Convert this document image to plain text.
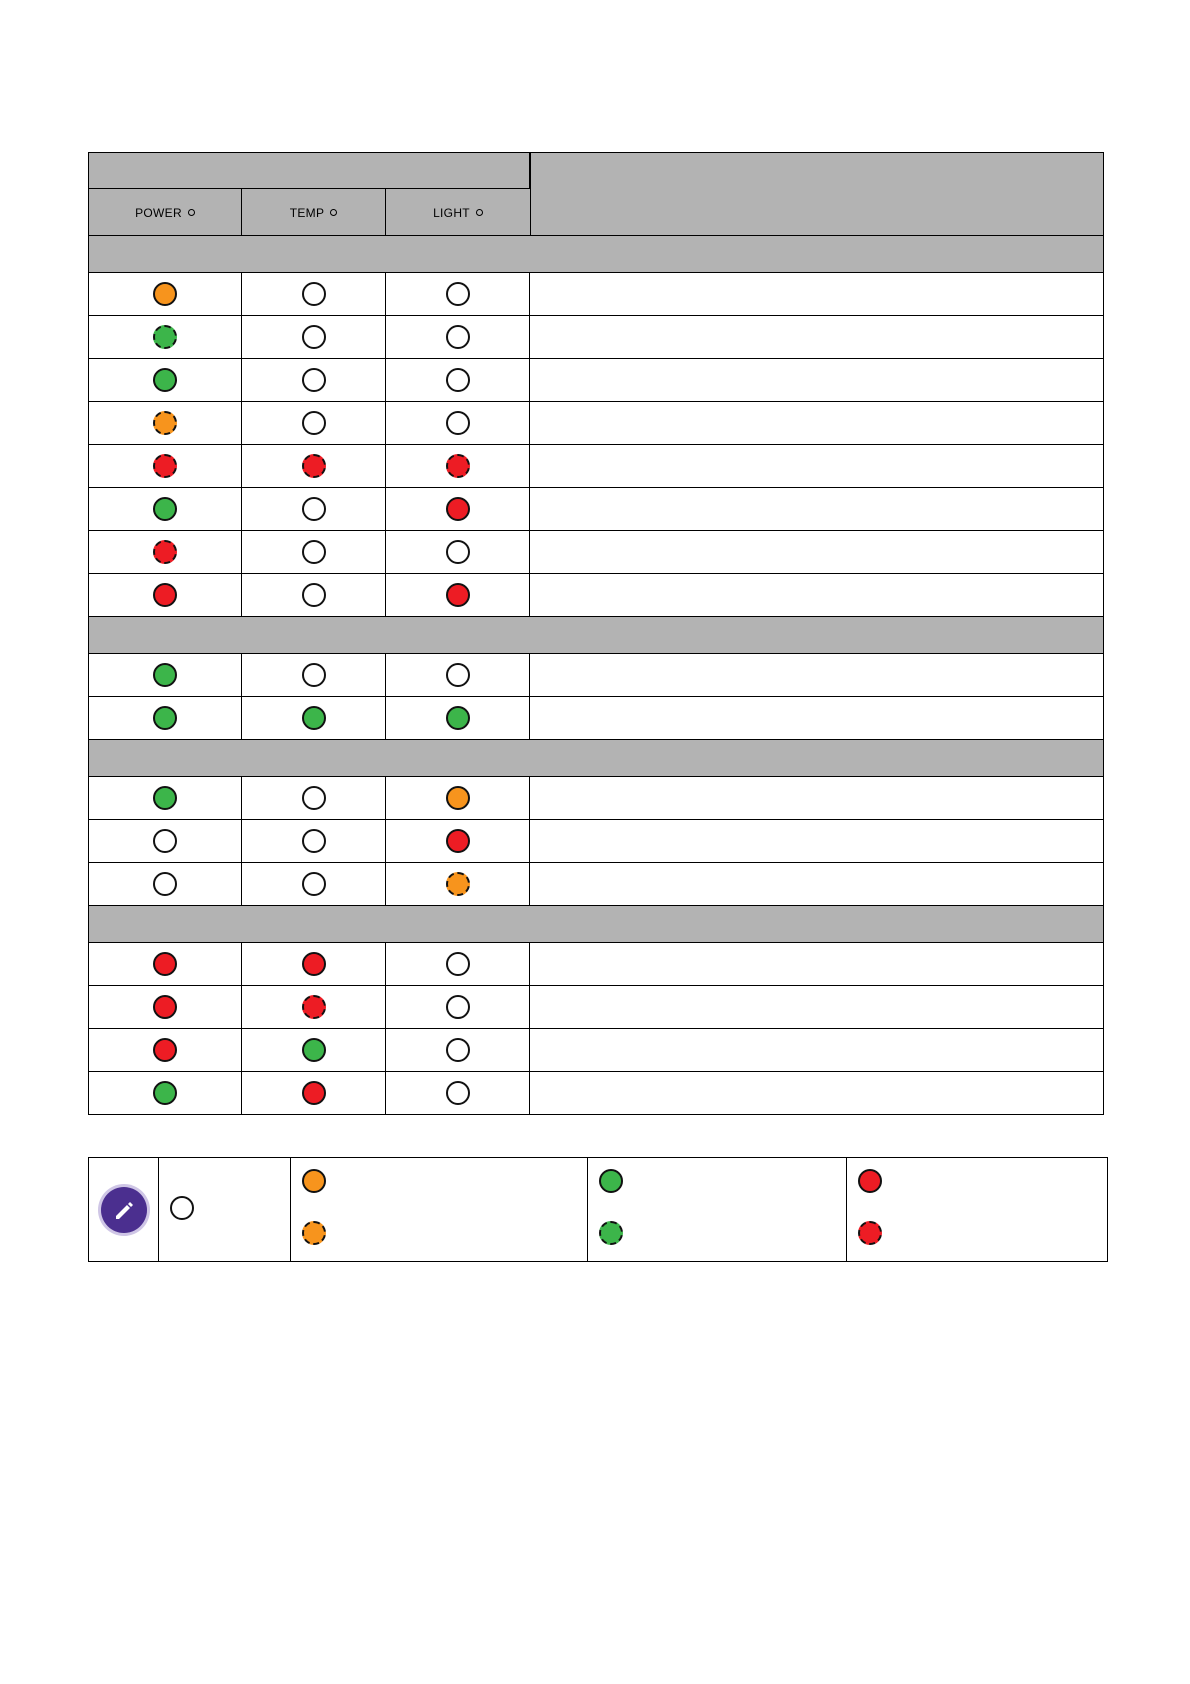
POWER	TEMP	LIGHT
